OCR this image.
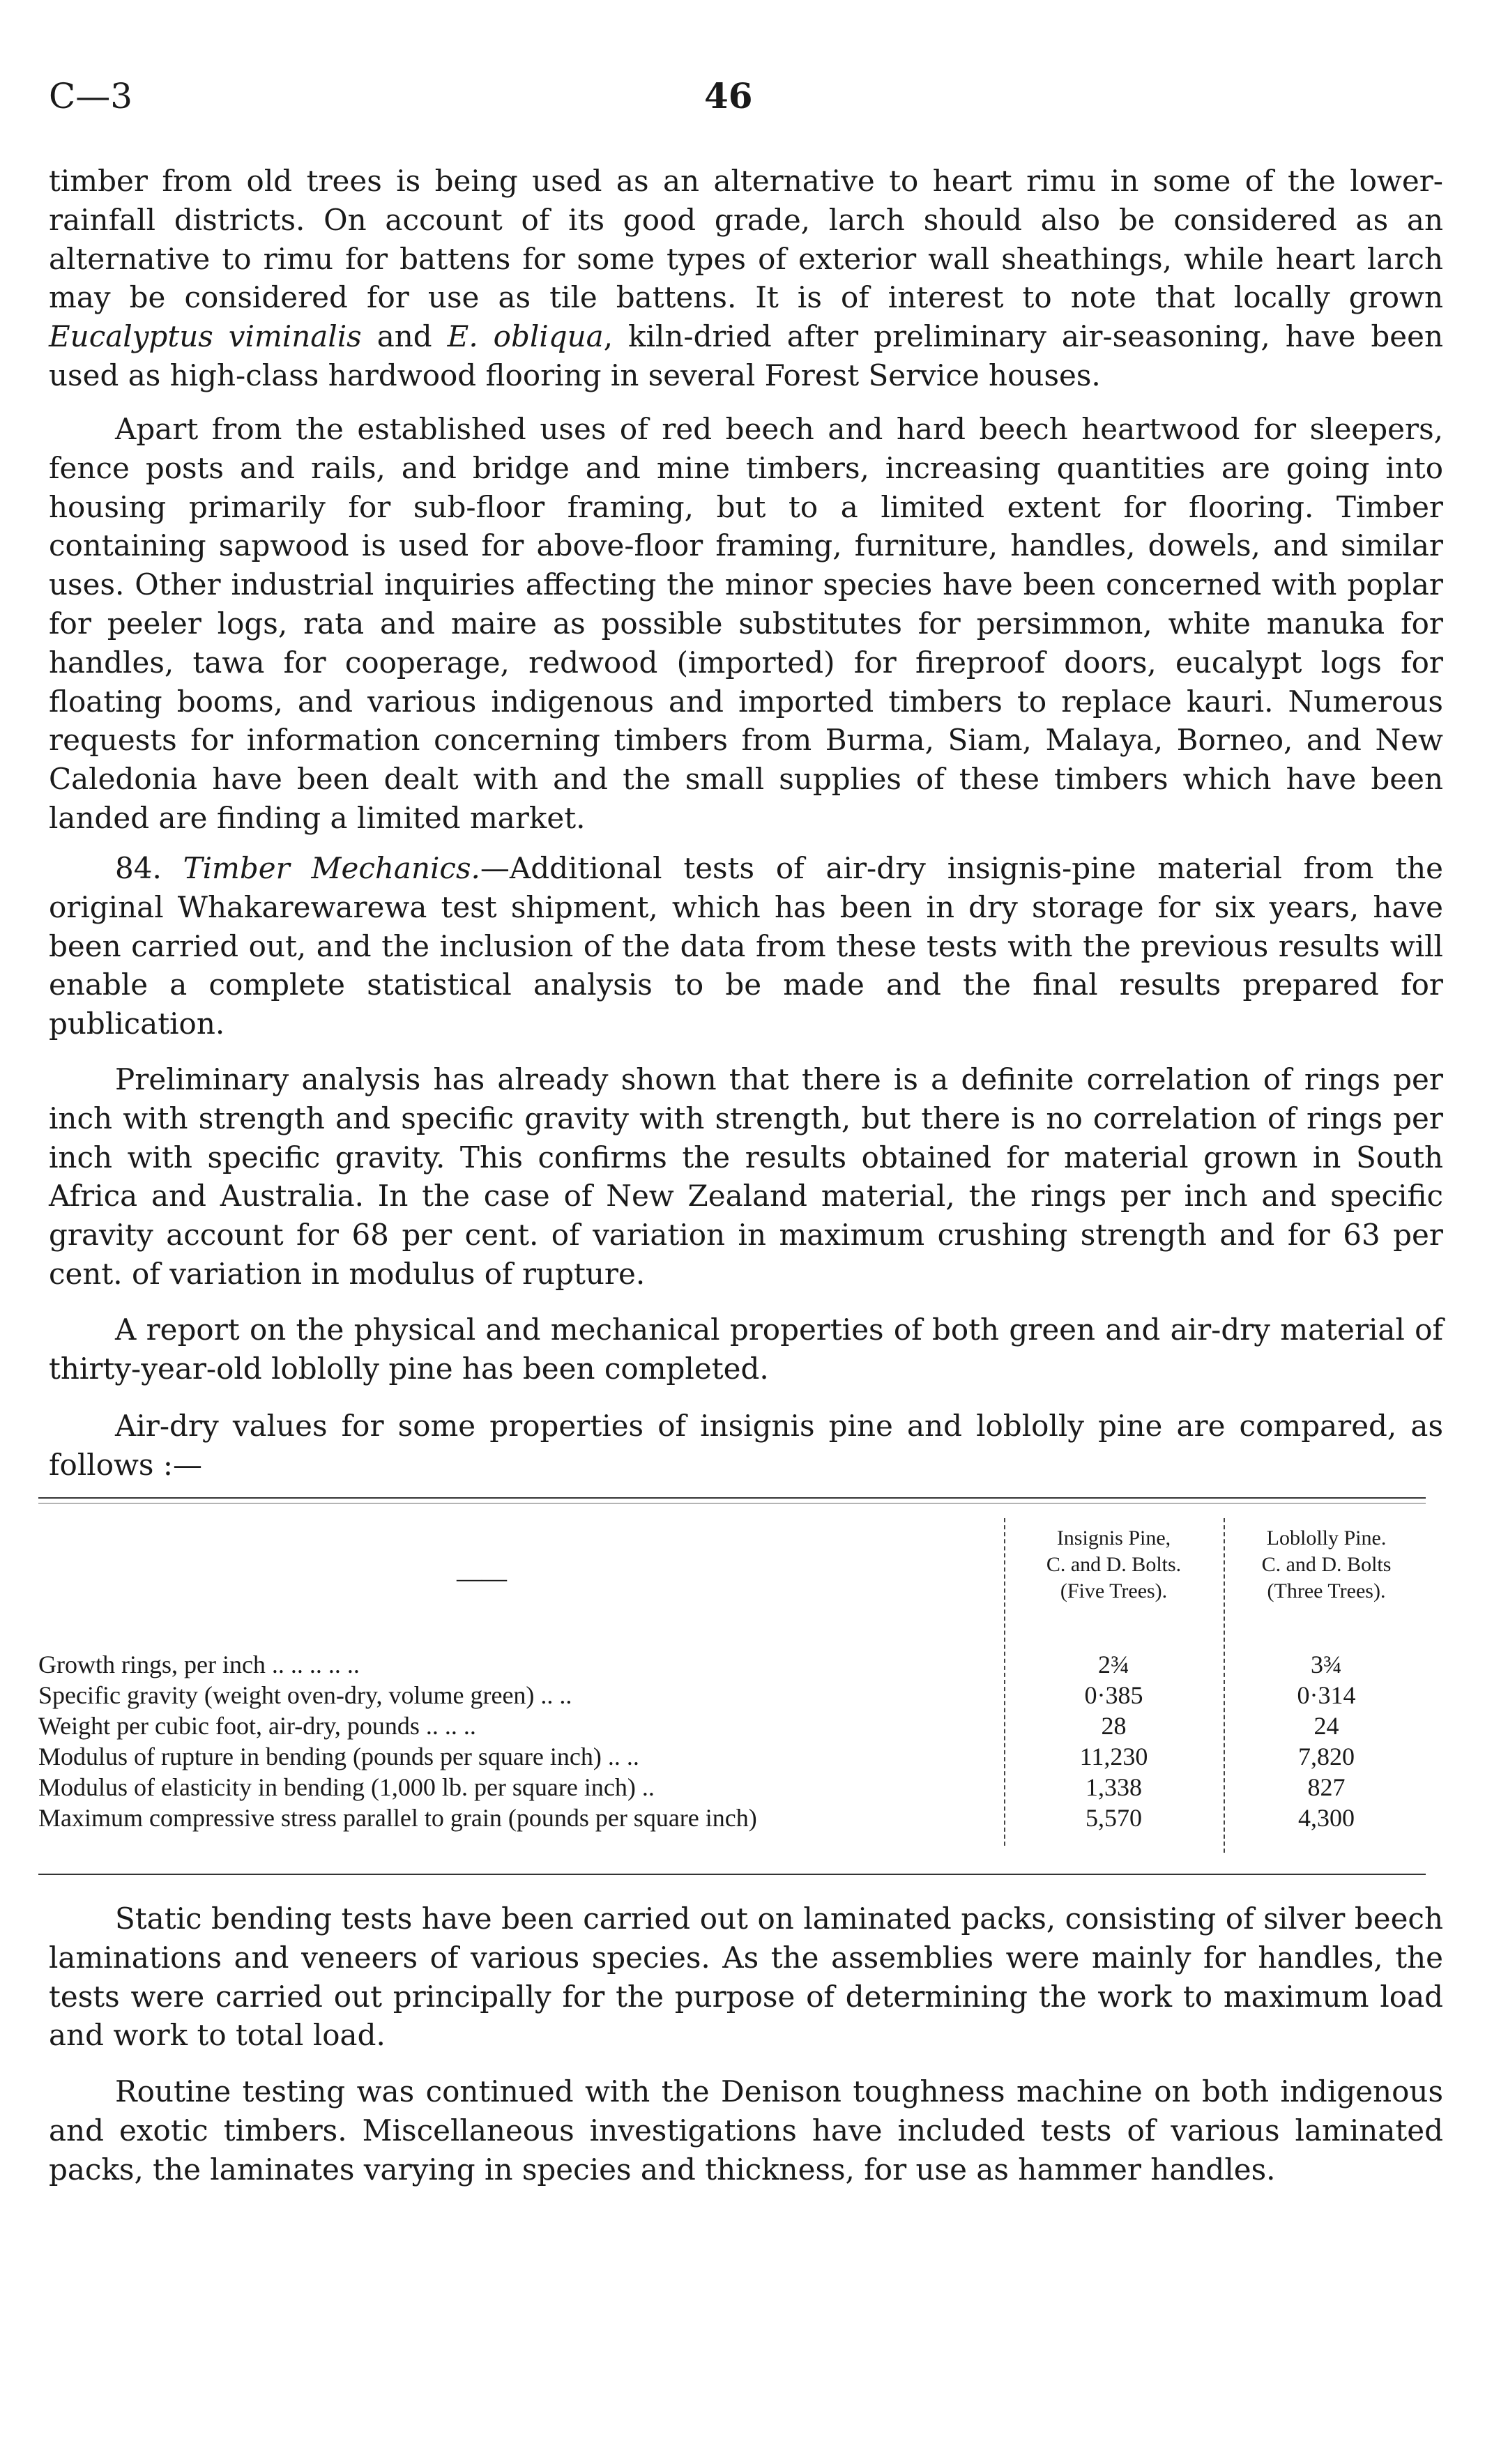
C—3	46

timber from old trees is being used as an alternative to heart rimu in some of the lower-rainfall districts. On account of its good grade, larch should also be considered as an alternative to rimu for battens for some types of exterior wall sheathings, while heart larch may be considered for use as tile battens. It is of interest to note that locally grown Eucalyptus viminalis and E. obliqua, kiln-dried after preliminary air-seasoning, have been used as high-class hardwood flooring in several Forest Service houses.

Apart from the established uses of red beech and hard beech heartwood for sleepers, fence posts and rails, and bridge and mine timbers, increasing quantities are going into housing primarily for sub-floor framing, but to a limited extent for flooring. Timber containing sapwood is used for above-floor framing, furniture, handles, dowels, and similar uses. Other industrial inquiries affecting the minor species have been concerned with poplar for peeler logs, rata and maire as possible substitutes for persimmon, white manuka for handles, tawa for cooperage, redwood (imported) for fireproof doors, eucalypt logs for floating booms, and various indigenous and imported timbers to replace kauri. Numerous requests for information concerning timbers from Burma, Siam, Malaya, Borneo, and New Caledonia have been dealt with and the small supplies of these timbers which have been landed are finding a limited market.

84. Timber Mechanics.—Additional tests of air-dry insignis-pine material from the original Whakarewarewa test shipment, which has been in dry storage for six years, have been carried out, and the inclusion of the data from these tests with the previous results will enable a complete statistical analysis to be made and the final results prepared for publication.

Preliminary analysis has already shown that there is a definite correlation of rings per inch with strength and specific gravity with strength, but there is no correlation of rings per inch with specific gravity. This confirms the results obtained for material grown in South Africa and Australia. In the case of New Zealand material, the rings per inch and specific gravity account for 68 per cent. of variation in maximum crushing strength and for 63 per cent. of variation in modulus of rupture.

A report on the physical and mechanical properties of both green and air-dry material of thirty-year-old loblolly pine has been completed.

Air-dry values for some properties of insignis pine and loblolly pine are compared, as follows :—

——
Insignis Pine,
C. and D. Bolts.
(Five Trees).
Loblolly Pine.
C. and D. Bolts
(Three Trees).
Growth rings, per inch .. .. .. .. ..	2¾	3¾
Specific gravity (weight oven-dry, volume green) .. ..	0·385	0·314
Weight per cubic foot, air-dry, pounds .. .. ..	28	24
Modulus of rupture in bending (pounds per square inch) .. ..	11,230	7,820
Modulus of elasticity in bending (1,000 lb. per square inch) ..	1,338	827
Maximum compressive stress parallel to grain (pounds per square inch)	5,570	4,300

Static bending tests have been carried out on laminated packs, consisting of silver beech laminations and veneers of various species. As the assemblies were mainly for handles, the tests were carried out principally for the purpose of determining the work to maximum load and work to total load.

Routine testing was continued with the Denison toughness machine on both indigenous and exotic timbers. Miscellaneous investigations have included tests of various laminated packs, the laminates varying in species and thickness, for use as hammer handles.
